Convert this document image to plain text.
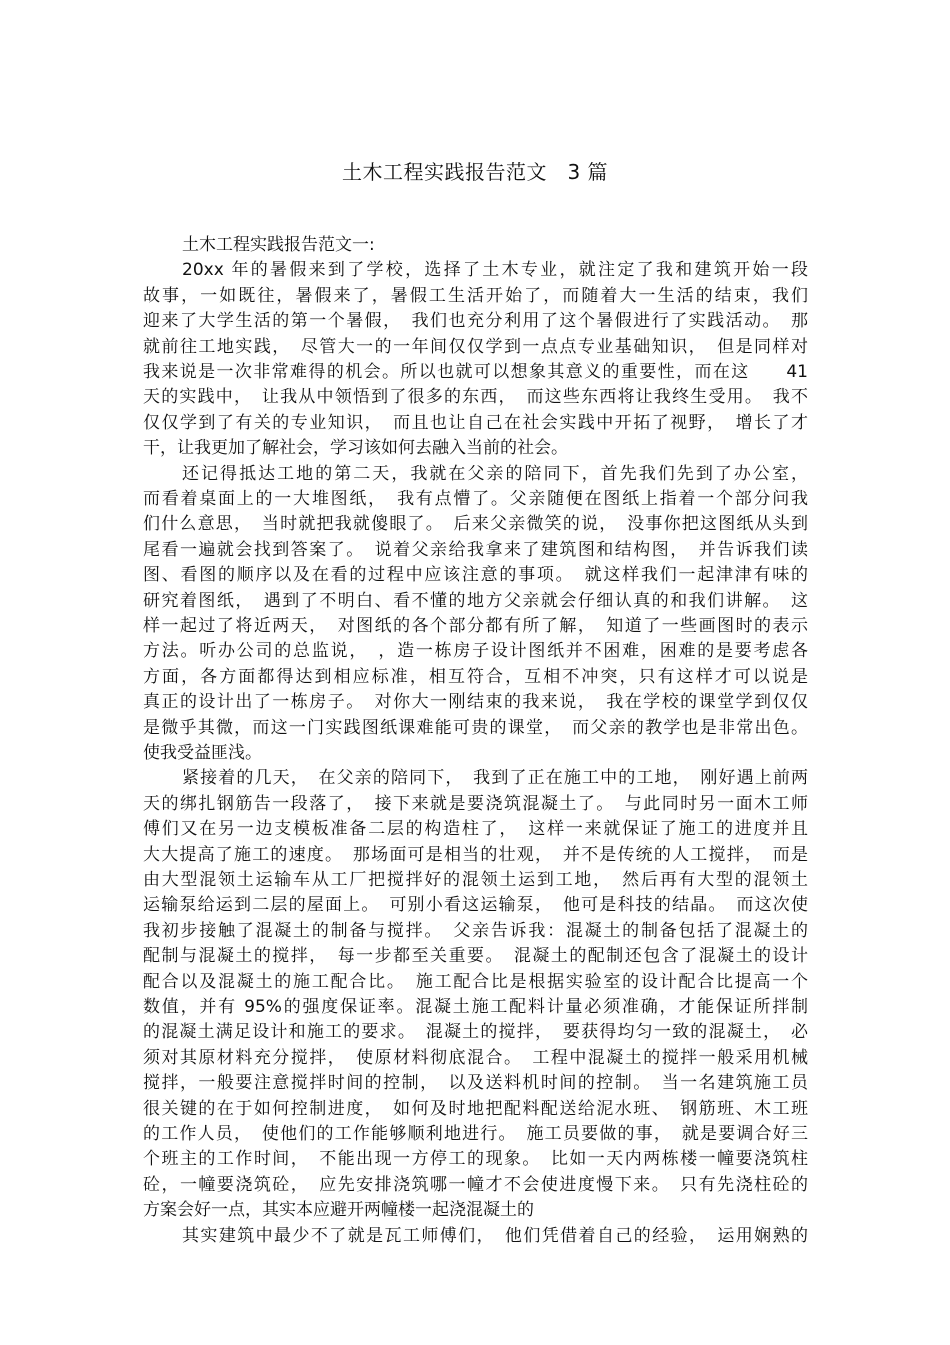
土木工程实践报告范文　3 篇
土木工程实践报告范文一:
20xx 年的暑假来到了学校，选择了土木专业，就注定了我和建筑开始一段
故事，一如既往，暑假来了，暑假工生活开始了，而随着大一生活的结束，我们
迎来了大学生活的第一个暑假，　我们也充分利用了这个暑假进行了实践活动。　那
就前往工地实践，　尽管大一的一年间仅仅学到一点点专业基础知识，　但是同样对
我来说是一次非常难得的机会。所以也就可以想象其意义的重要性，而在这　　41
天的实践中，　让我从中领悟到了很多的东西，　而这些东西将让我终生受用。　我不
仅仅学到了有关的专业知识，　而且也让自己在社会实践中开拓了视野，　增长了才
干，让我更加了解社会，学习该如何去融入当前的社会。
还记得抵达工地的第二天，我就在父亲的陪同下，首先我们先到了办公室，
而看着桌面上的一大堆图纸，　我有点懵了。父亲随便在图纸上指着一个部分问我
们什么意思，　当时就把我就傻眼了。　后来父亲微笑的说，　没事你把这图纸从头到
尾看一遍就会找到答案了。　说着父亲给我拿来了建筑图和结构图，　并告诉我们读
图、看图的顺序以及在看的过程中应该注意的事项。　就这样我们一起津津有味的
研究着图纸，　遇到了不明白、看不懂的地方父亲就会仔细认真的和我们讲解。　这
样一起过了将近两天，　对图纸的各个部分都有所了解，　知道了一些画图时的表示
方法。听办公司的总监说，　，造一栋房子设计图纸并不困难，困难的是要考虑各
方面，各方面都得达到相应标准，相互符合，互相不冲突，只有这样才可以说是
真正的设计出了一栋房子。　对你大一刚结束的我来说，　我在学校的课堂学到仅仅
是微乎其微，而这一门实践图纸课难能可贵的课堂，　而父亲的教学也是非常出色。
使我受益匪浅。
紧接着的几天，　在父亲的陪同下，　我到了正在施工中的工地，　刚好遇上前两
天的绑扎钢筋告一段落了，　接下来就是要浇筑混凝土了。　与此同时另一面木工师
傅们又在另一边支模板准备二层的构造柱了，　这样一来就保证了施工的进度并且
大大提高了施工的速度。　那场面可是相当的壮观，　并不是传统的人工搅拌，　而是
由大型混领土运输车从工厂把搅拌好的混领土运到工地，　然后再有大型的混领土
运输泵给运到二层的屋面上。　可别小看这运输泵，　他可是科技的结晶。　而这次使
我初步接触了混凝土的制备与搅拌。　父亲告诉我：混凝土的制备包括了混凝土的
配制与混凝土的搅拌，　每一步都至关重要。　混凝土的配制还包含了混凝土的设计
配合以及混凝土的施工配合比。　施工配合比是根据实验室的设计配合比提高一个
数值，并有 95%的强度保证率。混凝土施工配料计量必须准确，才能保证所拌制
的混凝土满足设计和施工的要求。　混凝土的搅拌，　要获得均匀一致的混凝土，　必
须对其原材料充分搅拌，　使原材料彻底混合。　工程中混凝土的搅拌一般采用机械
搅拌，一般要注意搅拌时间的控制，　以及送料机时间的控制。　当一名建筑施工员
很关键的在于如何控制进度，　如何及时地把配料配送给泥水班、　钢筋班、木工班
的工作人员，　使他们的工作能够顺利地进行。　施工员要做的事，　就是要调合好三
个班主的工作时间，　不能出现一方停工的现象。　比如一天内两栋楼一幢要浇筑柱
砼，一幢要浇筑砼，　应先安排浇筑哪一幢才不会使进度慢下来。　只有先浇柱砼的
方案会好一点，其实本应避开两幢楼一起浇混凝土的
其实建筑中最少不了就是瓦工师傅们，　他们凭借着自己的经验，　运用娴熟的
